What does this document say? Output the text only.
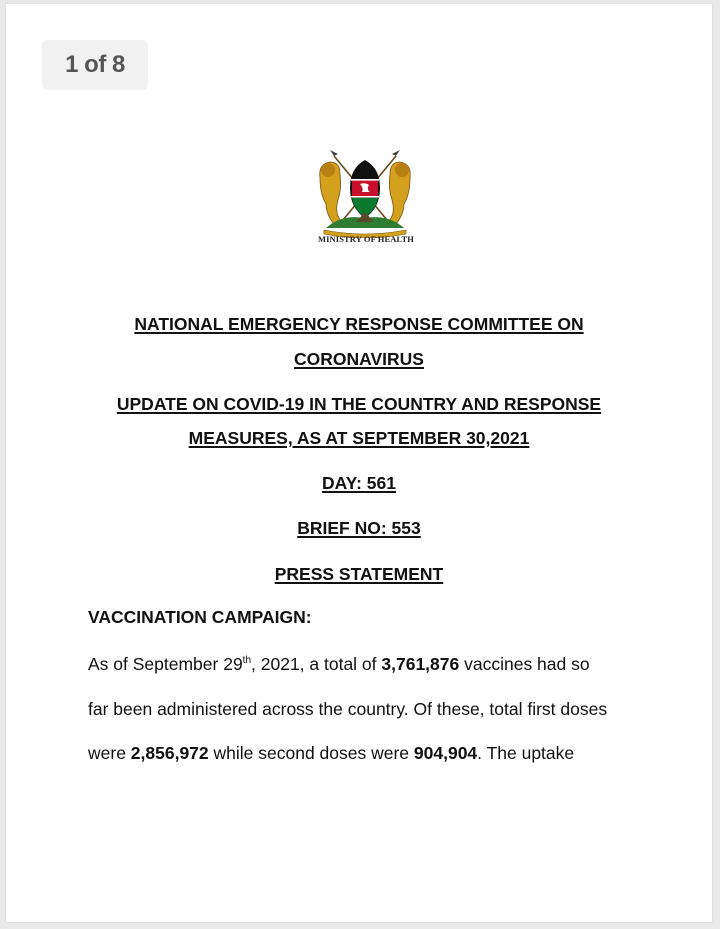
1 of 8
MINISTRY OF HEALTH
NATIONAL EMERGENCY RESPONSE COMMITTEE ON
CORONAVIRUS
UPDATE ON COVID-19 IN THE COUNTRY AND RESPONSE
MEASURES, AS AT SEPTEMBER 30,2021
DAY: 561
BRIEF NO: 553
PRESS STATEMENT
VACCINATION CAMPAIGN:
As of September 29th, 2021, a total of 3,761,876 vaccines had so
far been administered across the country. Of these, total first doses
were 2,856,972 while second doses were 904,904. The uptake
